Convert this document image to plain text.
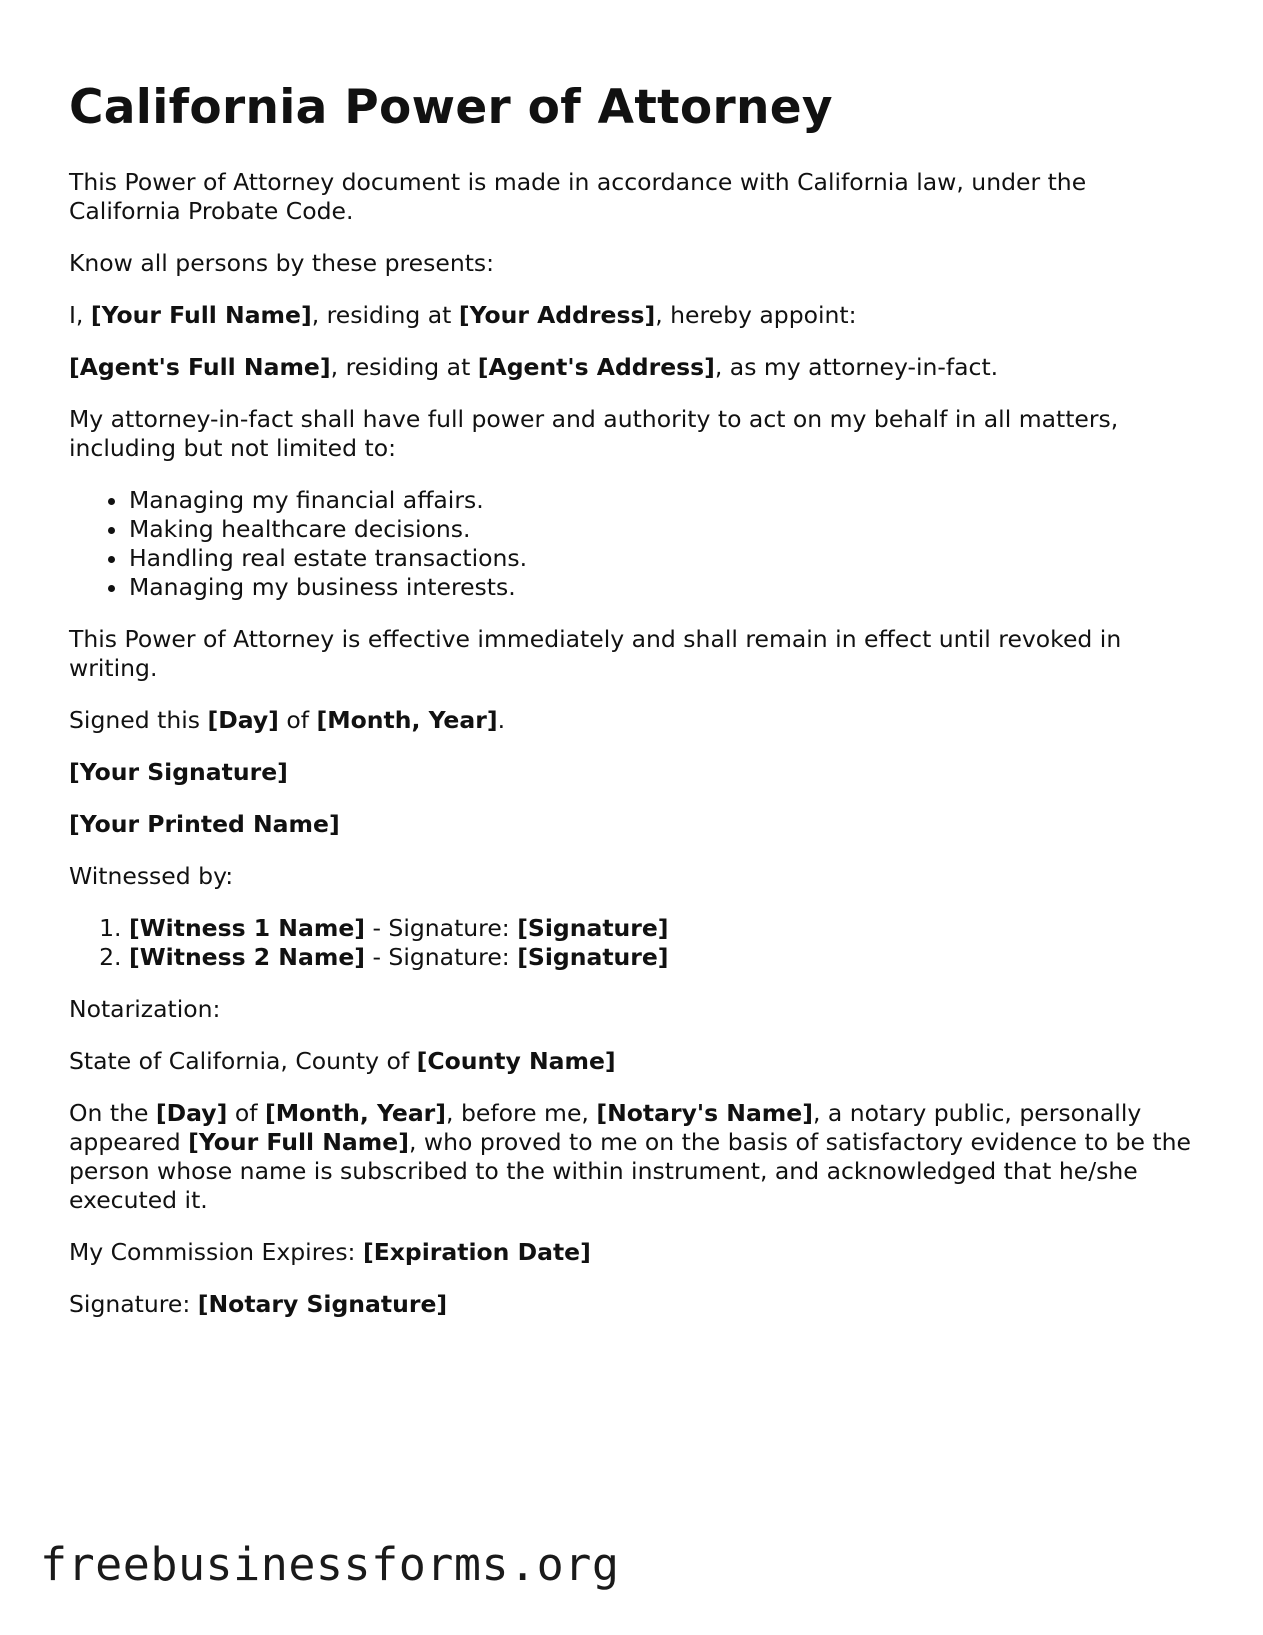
California Power of Attorney

This Power of Attorney document is made in accordance with California law, under the California Probate Code.

Know all persons by these presents:

I, [Your Full Name], residing at [Your Address], hereby appoint:

[Agent's Full Name], residing at [Agent's Address], as my attorney-in-fact.

My attorney-in-fact shall have full power and authority to act on my behalf in all matters, including but not limited to:

• Managing my financial affairs.
• Making healthcare decisions.
• Handling real estate transactions.
• Managing my business interests.

This Power of Attorney is effective immediately and shall remain in effect until revoked in writing.

Signed this [Day] of [Month, Year].

[Your Signature]

[Your Printed Name]

Witnessed by:

1. [Witness 1 Name] - Signature: [Signature]
2. [Witness 2 Name] - Signature: [Signature]

Notarization:

State of California, County of [County Name]

On the [Day] of [Month, Year], before me, [Notary's Name], a notary public, personally appeared [Your Full Name], who proved to me on the basis of satisfactory evidence to be the person whose name is subscribed to the within instrument, and acknowledged that he/she executed it.

My Commission Expires: [Expiration Date]

Signature: [Notary Signature]

freebusinessforms.org
